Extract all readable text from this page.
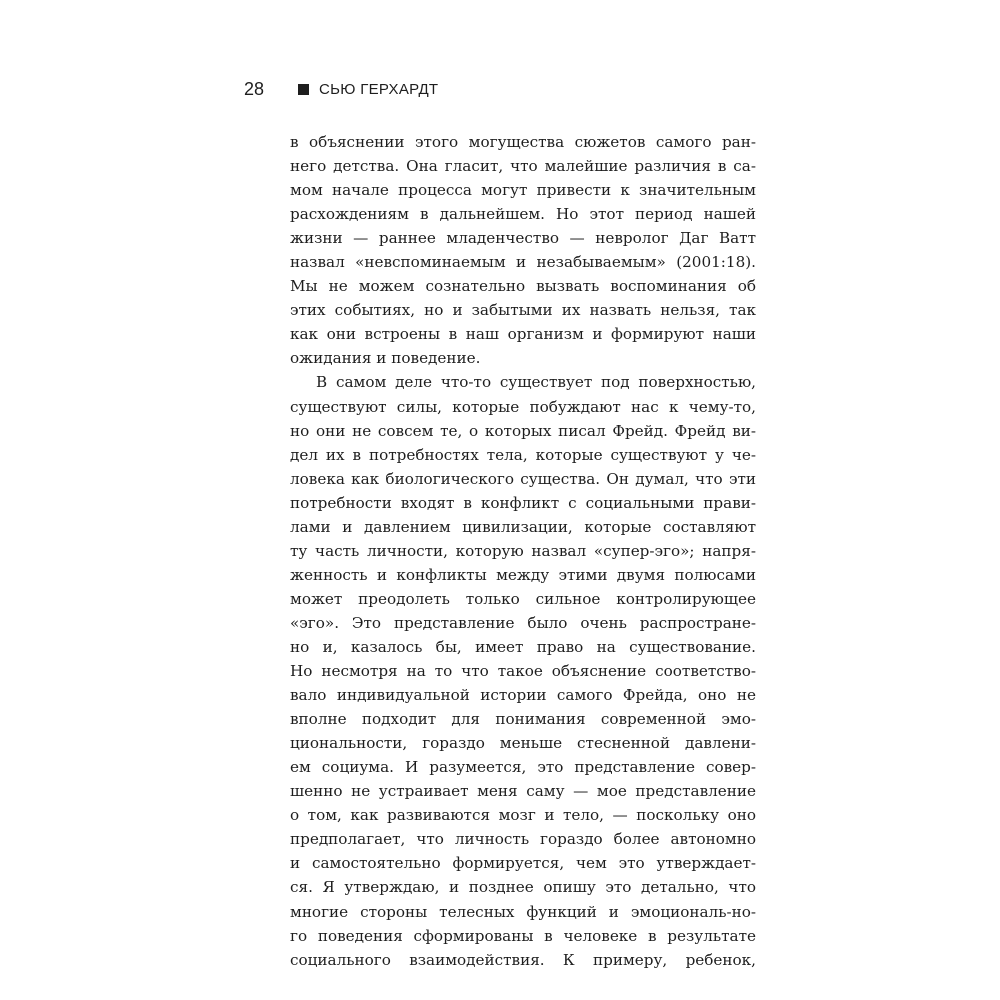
28	СЬЮ ГЕРХАРДТ
в объяснении этого могущества сюжетов самого ран-
него детства. Она гласит, что малейшие различия в са-
мом начале процесса могут привести к значительным
расхождениям в дальнейшем. Но этот период нашей
жизни — раннее младенчество — невролог Даг Ватт
назвал «невспоминаемым и незабываемым» (2001:18).
Мы не можем сознательно вызвать воспоминания об
этих событиях, но и забытыми их назвать нельзя, так
как они встроены в наш организм и формируют наши
ожидания и поведение.
В самом деле что-то существует под поверхностью,
существуют силы, которые побуждают нас к чему-то,
но они не совсем те, о которых писал Фрейд. Фрейд ви-
дел их в потребностях тела, которые существуют у че-
ловека как биологического существа. Он думал, что эти
потребности входят в конфликт с социальными прави-
лами и давлением цивилизации, которые составляют
ту часть личности, которую назвал «супер-эго»; напря-
женность и конфликты между этими двумя полюсами
может преодолеть только сильное контролирующее
«эго». Это представление было очень распростране-
но и, казалось бы, имеет право на существование.
Но несмотря на то что такое объяснение соответство-
вало индивидуальной истории самого Фрейда, оно не
вполне подходит для понимания современной эмо-
циональности, гораздо меньше стесненной давлени-
ем социума. И разумеется, это представление совер-
шенно не устраивает меня саму — мое представление
о том, как развиваются мозг и тело, — поскольку оно
предполагает, что личность гораздо более автономно
и самостоятельно формируется, чем это утверждает-
ся. Я утверждаю, и позднее опишу это детально, что
многие стороны телесных функций и эмоциональ-но-
го поведения сформированы в человеке в результате
социального взаимодействия. К примеру, ребенок,
